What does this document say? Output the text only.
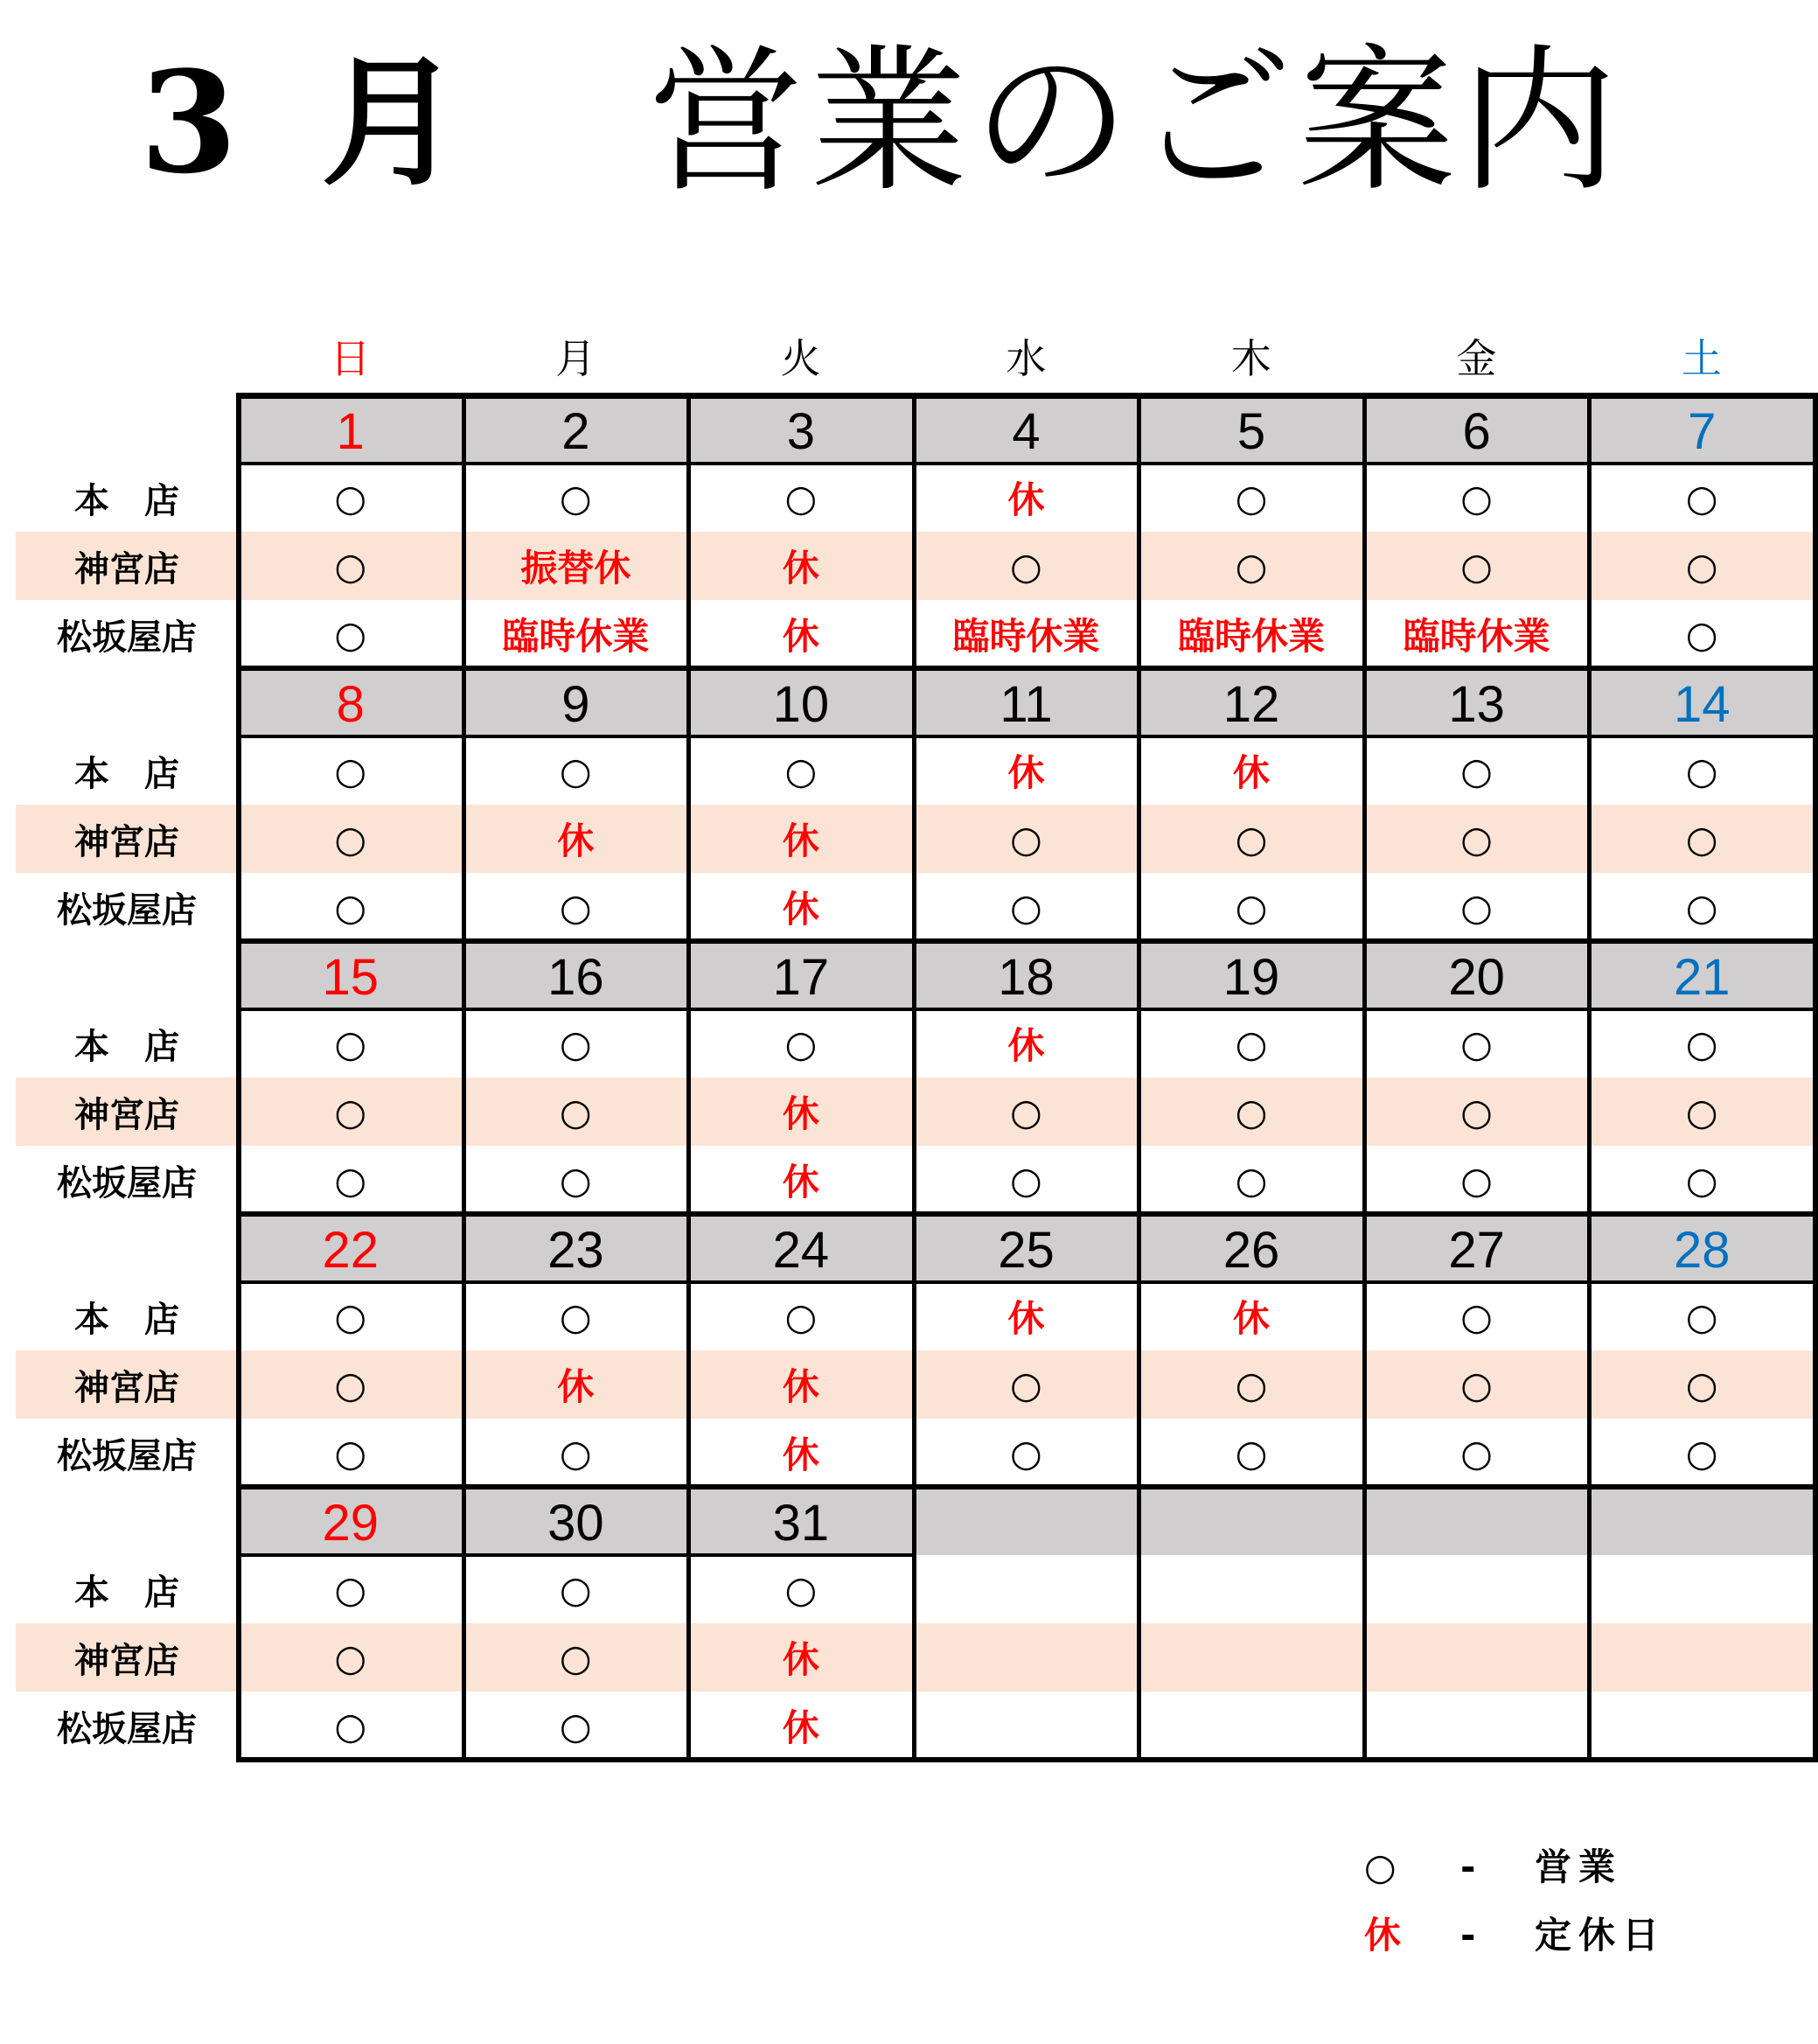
3 月 営業のご案内
日	月	火	水	木	金	土
1	2	3	4	5	6	7
本　店	○	○	○	休	○	○	○
神宮店	○	振替休	休	○	○	○	○
松坂屋店	○	臨時休業	休	臨時休業	臨時休業	臨時休業	○
8	9	10	11	12	13	14
本　店	○	○	○	休	休	○	○
神宮店	○	休	休	○	○	○	○
松坂屋店	○	○	休	○	○	○	○
15	16	17	18	19	20	21
本　店	○	○	○	休	○	○	○
神宮店	○	○	休	○	○	○	○
松坂屋店	○	○	休	○	○	○	○
22	23	24	25	26	27	28
本　店	○	○	○	休	休	○	○
神宮店	○	休	休	○	○	○	○
松坂屋店	○	○	休	○	○	○	○
29	30	31
本　店	○	○	○
神宮店	○	○	休
松坂屋店	○	○	休
○ - 営業
休 - 定休日
